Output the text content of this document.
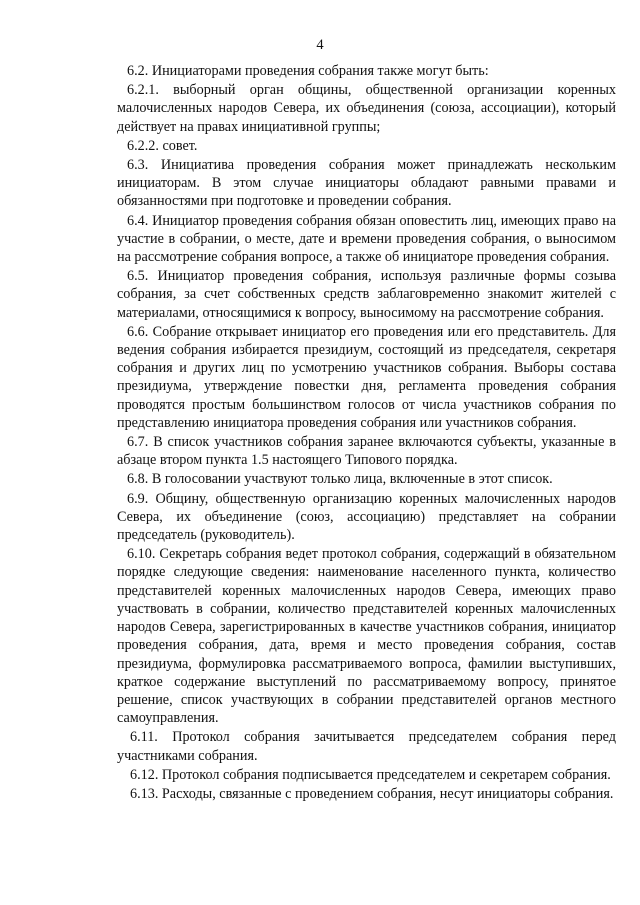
4

6.2. Инициаторами проведения собрания также могут быть:

6.2.1. выборный орган общины, общественной организации коренных малочисленных народов Севера, их объединения (союза, ассоциации), который действует на правах инициативной группы;

6.2.2. совет.

6.3. Инициатива проведения собрания может принадлежать нескольким инициаторам. В этом случае инициаторы обладают равными правами и обязанностями при подготовке и проведении собрания.

6.4. Инициатор проведения собрания обязан оповестить лиц, имеющих право на участие в собрании, о месте, дате и времени проведения собрания, о выносимом на рассмотрение собрания вопросе, а также об инициаторе проведения собрания.

6.5. Инициатор проведения собрания, используя различные формы созыва собрания, за счет собственных средств заблаговременно знакомит жителей с материалами, относящимися к вопросу, выносимому на рассмотрение собрания.

6.6. Собрание открывает инициатор его проведения или его представитель. Для ведения собрания избирается президиум, состоящий из председателя, секретаря собрания и других лиц по усмотрению участников собрания. Выборы состава президиума, утверждение повестки дня, регламента проведения собрания проводятся простым большинством голосов от числа участников собрания по представлению инициатора проведения собрания или участников собрания.

6.7. В список участников собрания заранее включаются субъекты, указанные в абзаце втором пункта 1.5 настоящего Типового порядка.

6.8. В голосовании участвуют только лица, включенные в этот список.

6.9. Общину, общественную организацию коренных малочисленных народов Севера, их объединение (союз, ассоциацию) представляет на собрании председатель (руководитель).

6.10. Секретарь собрания ведет протокол собрания, содержащий в обязательном порядке следующие сведения: наименование населенного пункта, количество представителей коренных малочисленных народов Севера, имеющих право участвовать в собрании, количество представителей коренных малочисленных народов Севера, зарегистрированных в качестве участников собрания, инициатор проведения собрания, дата, время и место проведения собрания, состав президиума, формулировка рассматриваемого вопроса, фамилии выступивших, краткое содержание выступлений по рассматриваемому вопросу, принятое решение, список участвующих в собрании представителей органов местного самоуправления.

6.11. Протокол собрания зачитывается председателем собрания перед участниками собрания.

6.12. Протокол собрания подписывается председателем и секретарем собрания.

6.13. Расходы, связанные с проведением собрания, несут инициаторы собрания.
